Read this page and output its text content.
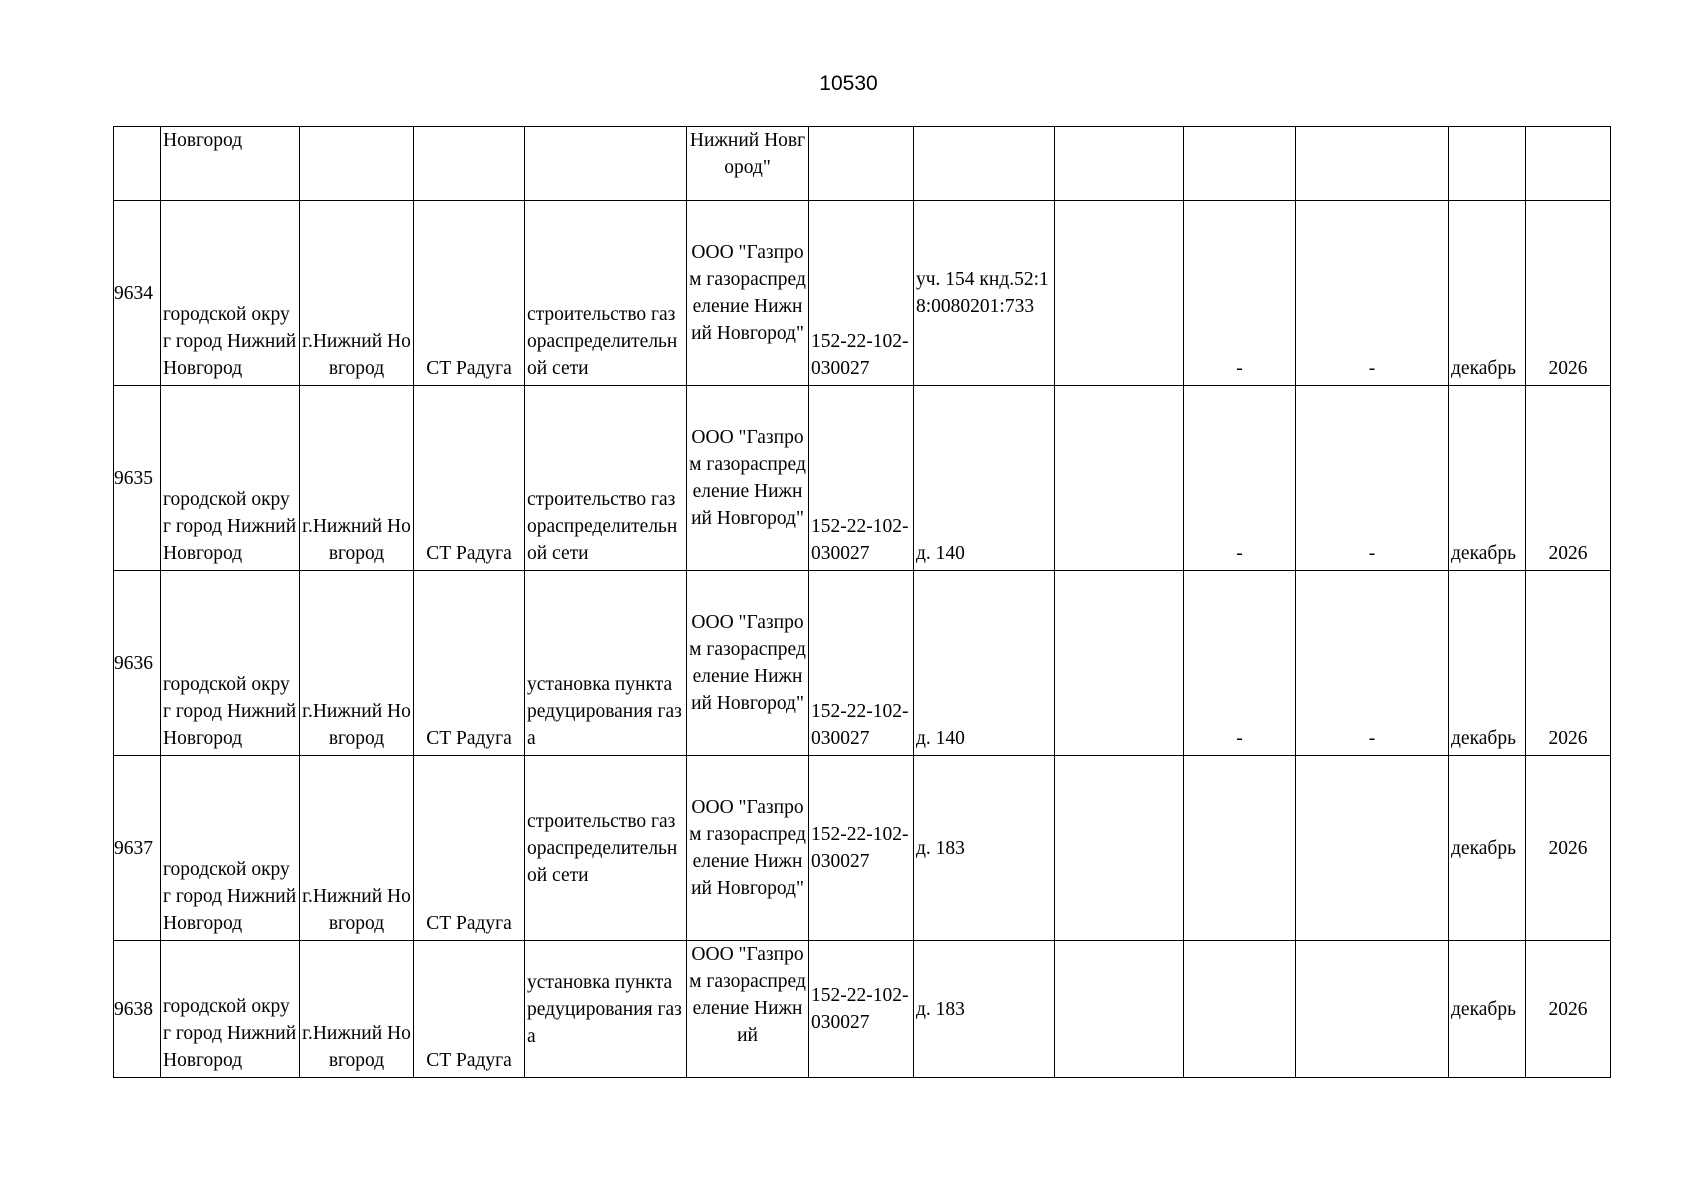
10530
	Новгород				Нижний Новгород"							
9634	городской округ город Нижний Новгород	г.Нижний Новгород	СТ Радуга	строительство газораспределительной сети	ООО "Газпром газораспределение Нижний Новгород"	152-22-102-030027	уч. 154 кнд.52:18:0080201:733		-	-	декабрь	2026
9635	городской округ город Нижний Новгород	г.Нижний Новгород	СТ Радуга	строительство газораспределительной сети	ООО "Газпром газораспределение Нижний Новгород"	152-22-102-030027	д. 140		-	-	декабрь	2026
9636	городской округ город Нижний Новгород	г.Нижний Новгород	СТ Радуга	установка пункта редуцирования газа	ООО "Газпром газораспределение Нижний Новгород"	152-22-102-030027	д. 140		-	-	декабрь	2026
9637	городской округ город Нижний Новгород	г.Нижний Новгород	СТ Радуга	строительство газораспределительной сети	ООО "Газпром газораспределение Нижний Новгород"	152-22-102-030027	д. 183				декабрь	2026
9638	городской округ город Нижний Новгород	г.Нижний Новгород	СТ Радуга	установка пункта редуцирования газа	ООО "Газпром газораспределение Нижний	152-22-102-030027	д. 183				декабрь	2026
